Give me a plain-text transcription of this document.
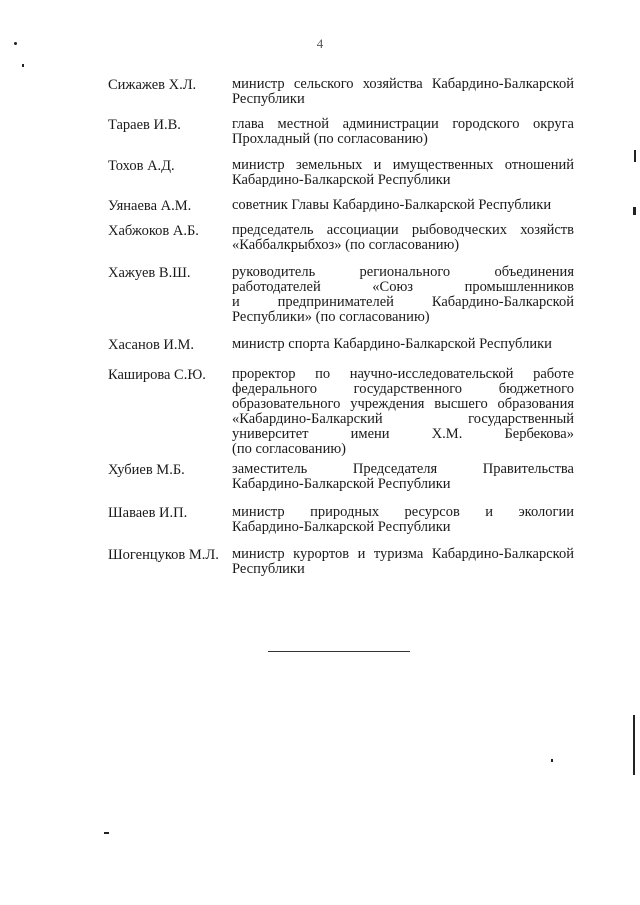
4
Сижажев Х.Л.	министр сельского хозяйства Кабардино-Балкарской
Республики
Тараев И.В.	глава местной администрации городского округа
Прохладный (по согласованию)
Тохов А.Д.	министр земельных и имущественных отношений
Кабардино-Балкарской Республики
Уянаева А.М.	советник Главы Кабардино-Балкарской Республики
Хабжоков А.Б.	председатель ассоциации рыбоводческих хозяйств
«Каббалкрыбхоз» (по согласованию)
Хажуев В.Ш.	руководитель регионального объединения
работодателей «Союз промышленников
и предпринимателей Кабардино-Балкарской
Республики» (по согласованию)
Хасанов И.М.	министр спорта Кабардино-Балкарской Республики
Каширова С.Ю.	проректор по научно-исследовательской работе
федерального государственного бюджетного
образовательного учреждения высшего образования
«Кабардино-Балкарский государственный
университет имени Х.М. Бербекова»
(по согласованию)
Хубиев М.Б.	заместитель Председателя Правительства
Кабардино-Балкарской Республики
Шаваев И.П.	министр природных ресурсов и экологии
Кабардино-Балкарской Республики
Шогенцуков М.Л. министр курортов и туризма Кабардино-Балкарской
Республики
